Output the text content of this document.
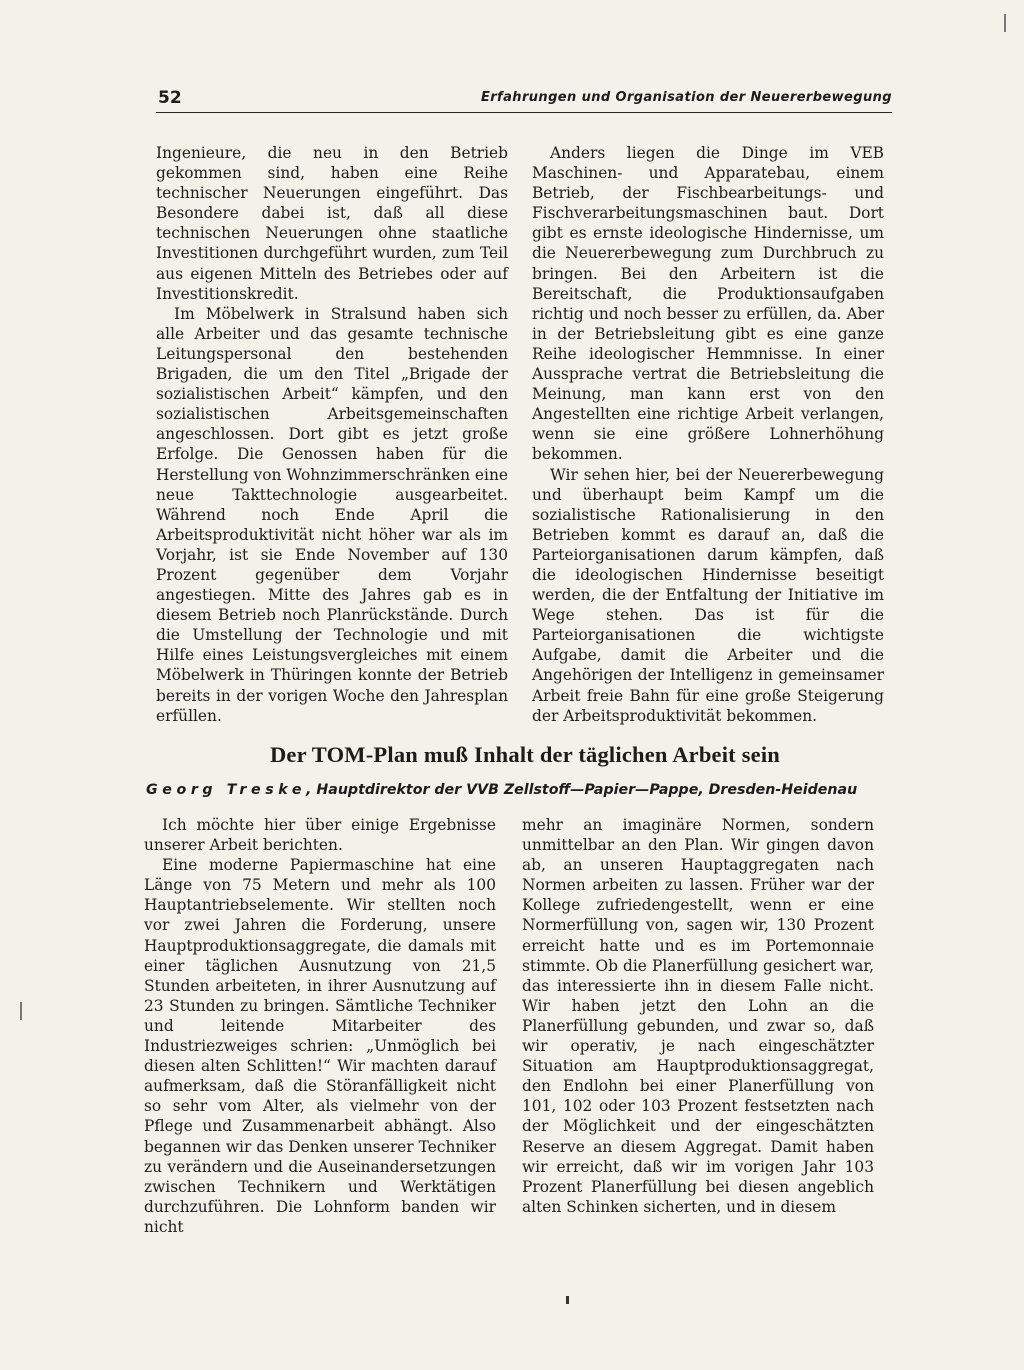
52	Erfahrungen und Organisation der Neuererbewegung

Ingenieure, die neu in den Betrieb gekommen sind, haben eine Reihe technischer Neuerungen eingeführt. Das Besondere dabei ist, daß all diese technischen Neuerungen ohne staatliche Investitionen durchgeführt wurden, zum Teil aus eigenen Mitteln des Betriebes oder auf Investitionskredit.

Im Möbelwerk in Stralsund haben sich alle Arbeiter und das gesamte technische Leitungspersonal den bestehenden Brigaden, die um den Titel „Brigade der sozialistischen Arbeit“ kämpfen, und den sozialistischen Arbeitsgemeinschaften angeschlossen. Dort gibt es jetzt große Erfolge. Die Genossen haben für die Herstellung von Wohnzimmerschränken eine neue Takttechnologie ausgearbeitet. Während noch Ende April die Arbeitsproduktivität nicht höher war als im Vorjahr, ist sie Ende November auf 130 Prozent gegenüber dem Vorjahr angestiegen. Mitte des Jahres gab es in diesem Betrieb noch Planrückstände. Durch die Umstellung der Technologie und mit Hilfe eines Leistungsvergleiches mit einem Möbelwerk in Thüringen konnte der Betrieb bereits in der vorigen Woche den Jahresplan erfüllen.

Anders liegen die Dinge im VEB Maschinen- und Apparatebau, einem Betrieb, der Fischbearbeitungs- und Fischverarbeitungsmaschinen baut. Dort gibt es ernste ideologische Hindernisse, um die Neuererbewegung zum Durchbruch zu bringen. Bei den Arbeitern ist die Bereitschaft, die Produktionsaufgaben richtig und noch besser zu erfüllen, da. Aber in der Betriebsleitung gibt es eine ganze Reihe ideologischer Hemmnisse. In einer Aussprache vertrat die Betriebsleitung die Meinung, man kann erst von den Angestellten eine richtige Arbeit verlangen, wenn sie eine größere Lohnerhöhung bekommen.

Wir sehen hier, bei der Neuererbewegung und überhaupt beim Kampf um die sozialistische Rationalisierung in den Betrieben kommt es darauf an, daß die Parteiorganisationen darum kämpfen, daß die ideologischen Hindernisse beseitigt werden, die der Entfaltung der Initiative im Wege stehen. Das ist für die Parteiorganisationen die wichtigste Aufgabe, damit die Arbeiter und die Angehörigen der Intelligenz in gemeinsamer Arbeit freie Bahn für eine große Steigerung der Arbeitsproduktivität bekommen.

Der TOM-Plan muß Inhalt der täglichen Arbeit sein
Georg Treske, Hauptdirektor der VVB Zellstoff—Papier—Pappe, Dresden-Heidenau

Ich möchte hier über einige Ergebnisse unserer Arbeit berichten.

Eine moderne Papiermaschine hat eine Länge von 75 Metern und mehr als 100 Hauptantriebselemente. Wir stellten noch vor zwei Jahren die Forderung, unsere Hauptproduktionsaggregate, die damals mit einer täglichen Ausnutzung von 21,5 Stunden arbeiteten, in ihrer Ausnutzung auf 23 Stunden zu bringen. Sämtliche Techniker und leitende Mitarbeiter des Industriezweiges schrien: „Unmöglich bei diesen alten Schlitten!“ Wir machten darauf aufmerksam, daß die Störanfälligkeit nicht so sehr vom Alter, als vielmehr von der Pflege und Zusammenarbeit abhängt. Also begannen wir das Denken unserer Techniker zu verändern und die Auseinandersetzungen zwischen Technikern und Werktätigen durchzuführen. Die Lohnform banden wir nicht

mehr an imaginäre Normen, sondern unmittelbar an den Plan. Wir gingen davon ab, an unseren Hauptaggregaten nach Normen arbeiten zu lassen. Früher war der Kollege zufriedengestellt, wenn er eine Normerfüllung von, sagen wir, 130 Prozent erreicht hatte und es im Portemonnaie stimmte. Ob die Planerfüllung gesichert war, das interessierte ihn in diesem Falle nicht. Wir haben jetzt den Lohn an die Planerfüllung gebunden, und zwar so, daß wir operativ, je nach eingeschätzter Situation am Hauptproduktionsaggregat, den Endlohn bei einer Planerfüllung von 101, 102 oder 103 Prozent festsetzten nach der Möglichkeit und der eingeschätzten Reserve an diesem Aggregat. Damit haben wir erreicht, daß wir im vorigen Jahr 103 Prozent Planerfüllung bei diesen angeblich alten Schinken sicherten, und in diesem
